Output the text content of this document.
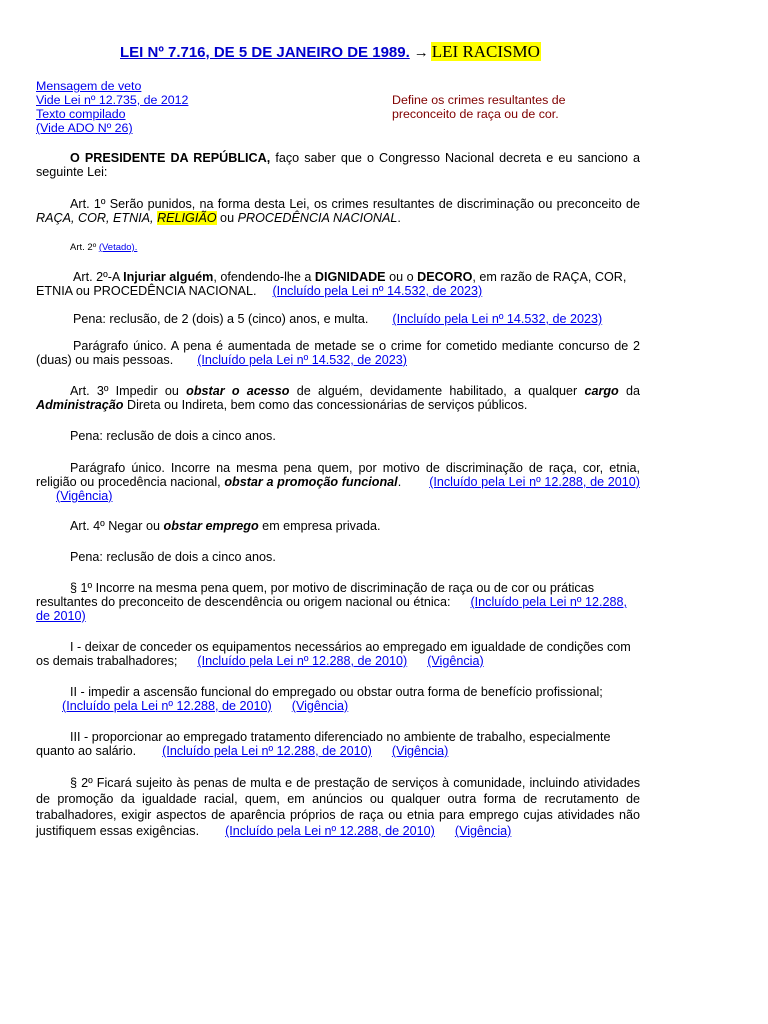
LEI Nº 7.716, DE 5 DE JANEIRO DE 1989. → LEI RACISMO
Mensagem de veto
Vide Lei nº 12.735, de 2012
Texto compilado
(Vide ADO Nº 26)
Define os crimes resultantes de preconceito de raça ou de cor.
O PRESIDENTE DA REPÚBLICA, faço saber que o Congresso Nacional decreta e eu sanciono a seguinte Lei:
Art. 1º Serão punidos, na forma desta Lei, os crimes resultantes de discriminação ou preconceito de RAÇA, COR, ETNIA, RELIGIÃO ou PROCEDÊNCIA NACIONAL.
Art. 2º (Vetado).
Art. 2º-A Injuriar alguém, ofendendo-lhe a DIGNIDADE ou o DECORO, em razão de RAÇA, COR, ETNIA ou PROCEDÊNCIA NACIONAL. (Incluído pela Lei nº 14.532, de 2023)
Pena: reclusão, de 2 (dois) a 5 (cinco) anos, e multa. (Incluído pela Lei nº 14.532, de 2023)
Parágrafo único. A pena é aumentada de metade se o crime for cometido mediante concurso de 2 (duas) ou mais pessoas. (Incluído pela Lei nº 14.532, de 2023)
Art. 3º Impedir ou obstar o acesso de alguém, devidamente habilitado, a qualquer cargo da Administração Direta ou Indireta, bem como das concessionárias de serviços públicos.
Pena: reclusão de dois a cinco anos.
Parágrafo único. Incorre na mesma pena quem, por motivo de discriminação de raça, cor, etnia, religião ou procedência nacional, obstar a promoção funcional. (Incluído pela Lei nº 12.288, de 2010)(Vigência)
Art. 4º Negar ou obstar emprego em empresa privada.
Pena: reclusão de dois a cinco anos.
§ 1º Incorre na mesma pena quem, por motivo de discriminação de raça ou de cor ou práticas resultantes do preconceito de descendência ou origem nacional ou étnica: (Incluído pela Lei nº 12.288, de 2010)
I - deixar de conceder os equipamentos necessários ao empregado em igualdade de condições com os demais trabalhadores; (Incluído pela Lei nº 12.288, de 2010) (Vigência)
II - impedir a ascensão funcional do empregado ou obstar outra forma de benefício profissional;(Incluído pela Lei nº 12.288, de 2010) (Vigência)
III - proporcionar ao empregado tratamento diferenciado no ambiente de trabalho, especialmente quanto ao salário. (Incluído pela Lei nº 12.288, de 2010) (Vigência)
§ 2º Ficará sujeito às penas de multa e de prestação de serviços à comunidade, incluindo atividades de promoção da igualdade racial, quem, em anúncios ou qualquer outra forma de recrutamento de trabalhadores, exigir aspectos de aparência próprios de raça ou etnia para emprego cujas atividades não justifiquem essas exigências. (Incluído pela Lei nº 12.288, de 2010) (Vigência)
